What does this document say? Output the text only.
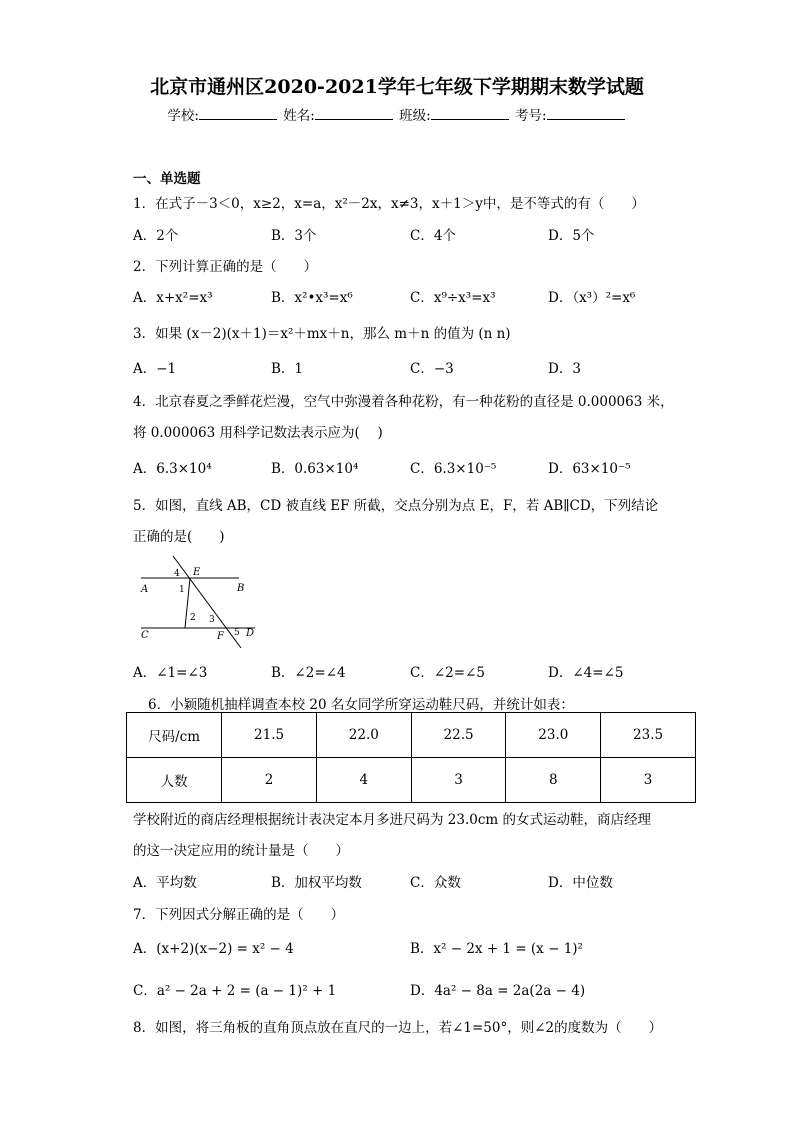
北京市通州区2020-2021学年七年级下学期期末数学试题
学校:	姓名:	班级:	考号:
一、单选题
1．在式子－3＜0，x≥2，x=a，x²－2x，x≠3，x＋1＞y中，是不等式的有（　　）
A．2个	B．3个	C．4个	D．5个
2．下列计算正确的是（　　）
A．x+x²=x³	B．x²•x³=x⁶	C．x⁹÷x³=x³	D．（x³）²=x⁶
3．如果 (x－2)(x＋1)＝x²＋mx＋n，那么 m＋n 的值为 (n n)
A．−1	B．1	C．−3	D．3
4．北京春夏之季鲜花烂漫，空气中弥漫着各种花粉，有一种花粉的直径是 0.000063 米，
将 0.000063 用科学记数法表示应为(　 )
A．6.3×10⁴	B．0.63×10⁴	C．6.3×10⁻⁵	D．63×10⁻⁵
5．如图，直线 AB，CD 被直线 EF 所截，交点分别为点 E，F，若 AB∥CD，下列结论
正确的是(　　)
A	B
C	D
E
F
4
1
2 3
5
A．∠1=∠3	B．∠2=∠4	C．∠2=∠5	D．∠4=∠5
6．小颖随机抽样调查本校 20 名女同学所穿运动鞋尺码，并统计如表：
尺码/cm	21.5	22.0	22.5	23.0	23.5
人数	2	4	3	8	3
学校附近的商店经理根据统计表决定本月多进尺码为 23.0cm 的女式运动鞋，商店经理
的这一决定应用的统计量是（　　）
A．平均数	B．加权平均数	C．众数	D．中位数
7．下列因式分解正确的是（　　）
A．(x+2)(x−2) = x² − 4	B．x² − 2x + 1 = (x − 1)²
C．a² − 2a + 2 = (a − 1)² + 1	D．4a² − 8a = 2a(2a − 4)
8．如图，将三角板的直角顶点放在直尺的一边上，若∠1=50°，则∠2的度数为（　　）
